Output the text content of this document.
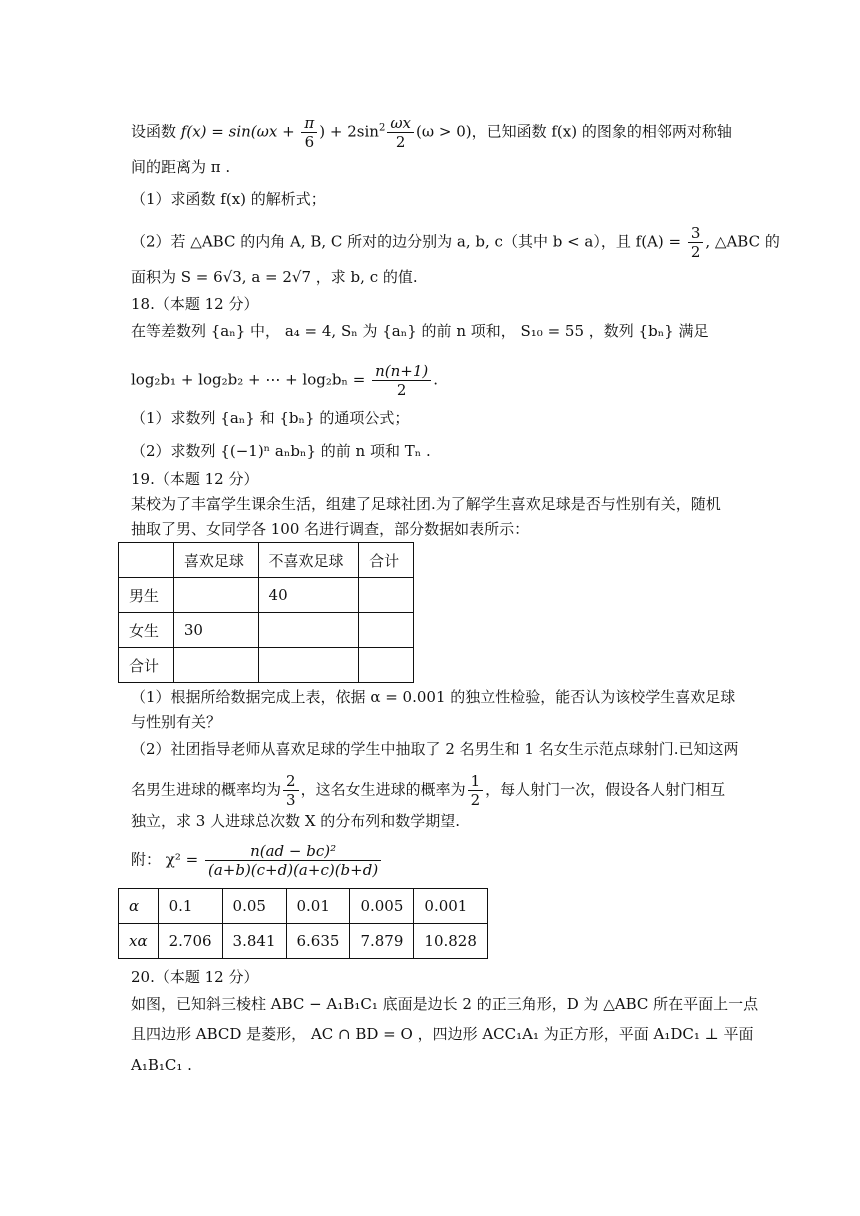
设函数 $f(x) = \sin(\omega x + \frac{\pi}{6}$ ) + $2\sin^2 \frac{\omega x}{2} (\omega > 0)$，已知函数 f(x) 的图象的相邻两对称轴
间的距离为 π .
（1）求函数 f(x) 的解析式；
（2）若 △ABC 的内角 A, B, C 所对的边分别为 a, b, c（其中 b < a），且 $f(A) = \frac{3}{2}$ , △ABC 的
面积为 S = 6√3, a = 2√7 ，求 b, c 的值.
18.（本题 12 分）
在等差数列 {aₙ} 中， a₄ = 4, Sₙ 为 {aₙ} 的前 n 项和， S₁₀ = 55 ，数列 {bₙ} 满足
log₂b₁ + log₂b₂ + ⋯ + $\log_2b_n = \frac{n(n+1)}{2}$ .
（1）求数列 {aₙ} 和 {bₙ} 的通项公式；
（2）求数列 {(−1)ⁿ aₙbₙ} 的前 n 项和 Tₙ .
19.（本题 12 分）
某校为了丰富学生课余生活，组建了足球社团.为了解学生喜欢足球是否与性别有关，随机
抽取了男、女同学各 100 名进行调查，部分数据如表所示：
	喜欢足球	不喜欢足球	合计
男生		40	
女生	30		
合计			
（1）根据所给数据完成上表，依据 α = 0.001 的独立性检验，能否认为该校学生喜欢足球
与性别有关？
（2）社团指导老师从喜欢足球的学生中抽取了 2 名男生和 1 名女生示范点球射门.已知这两
名男生进球的概率均为 $\frac{2}{3}$ ，这名女生进球的概率为 $\frac{1}{2}$ ，每人射门一次，假设各人射门相互
独立，求 3 人进球总次数 X 的分布列和数学期望.
附： $\chi^2 = \frac{\text{n(ad − bc)²}}{(a+b)(c+d)(a+c)(b+d)}$
α	0.1	0.05	0.01	0.005	0.001
xα	2.706	3.841	6.635	7.879	10.828
20.（本题 12 分）
如图，已知斜三棱柱 ABC − A₁B₁C₁ 底面是边长 2 的正三角形，D 为 △ABC 所在平面上一点
且四边形 ABCD 是菱形， AC ∩ BD = O ，四边形 ACC₁A₁ 为正方形，平面 A₁DC₁ ⊥ 平面
A₁B₁C₁ .
